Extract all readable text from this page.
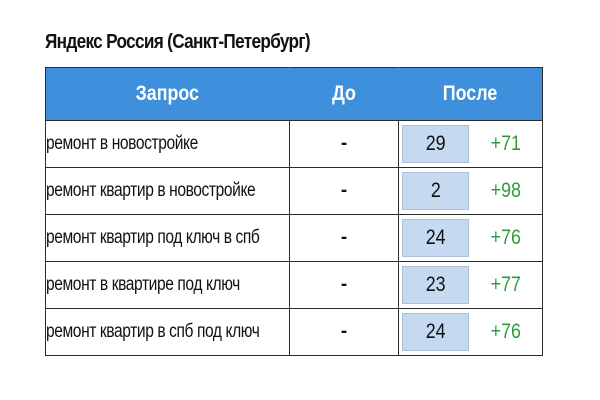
Яндекс Россия (Санкт-Петербург)
Запрос	До	После
ремонт в новостройке	-	29 +71

ремонт квартир в новостройке	-	2 +98

ремонт квартир под ключ в спб	-	24 +76

ремонт в квартире под ключ	-	23 +77

ремонт квартир в спб под ключ	-	24 +76
